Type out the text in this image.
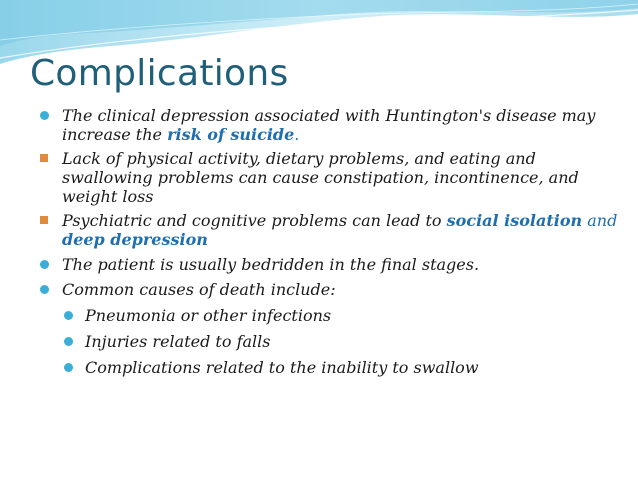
Complications
The clinical depression associated with Huntington's disease may increase the risk of suicide.
Lack of physical activity, dietary problems, and eating and swallowing problems can cause constipation, incontinence, and weight loss
Psychiatric and cognitive problems can lead to social isolation and deep depression
The patient is usually bedridden in the final stages.
Common causes of death include:
Pneumonia or other infections
Injuries related to falls
Complications related to the inability to swallow
